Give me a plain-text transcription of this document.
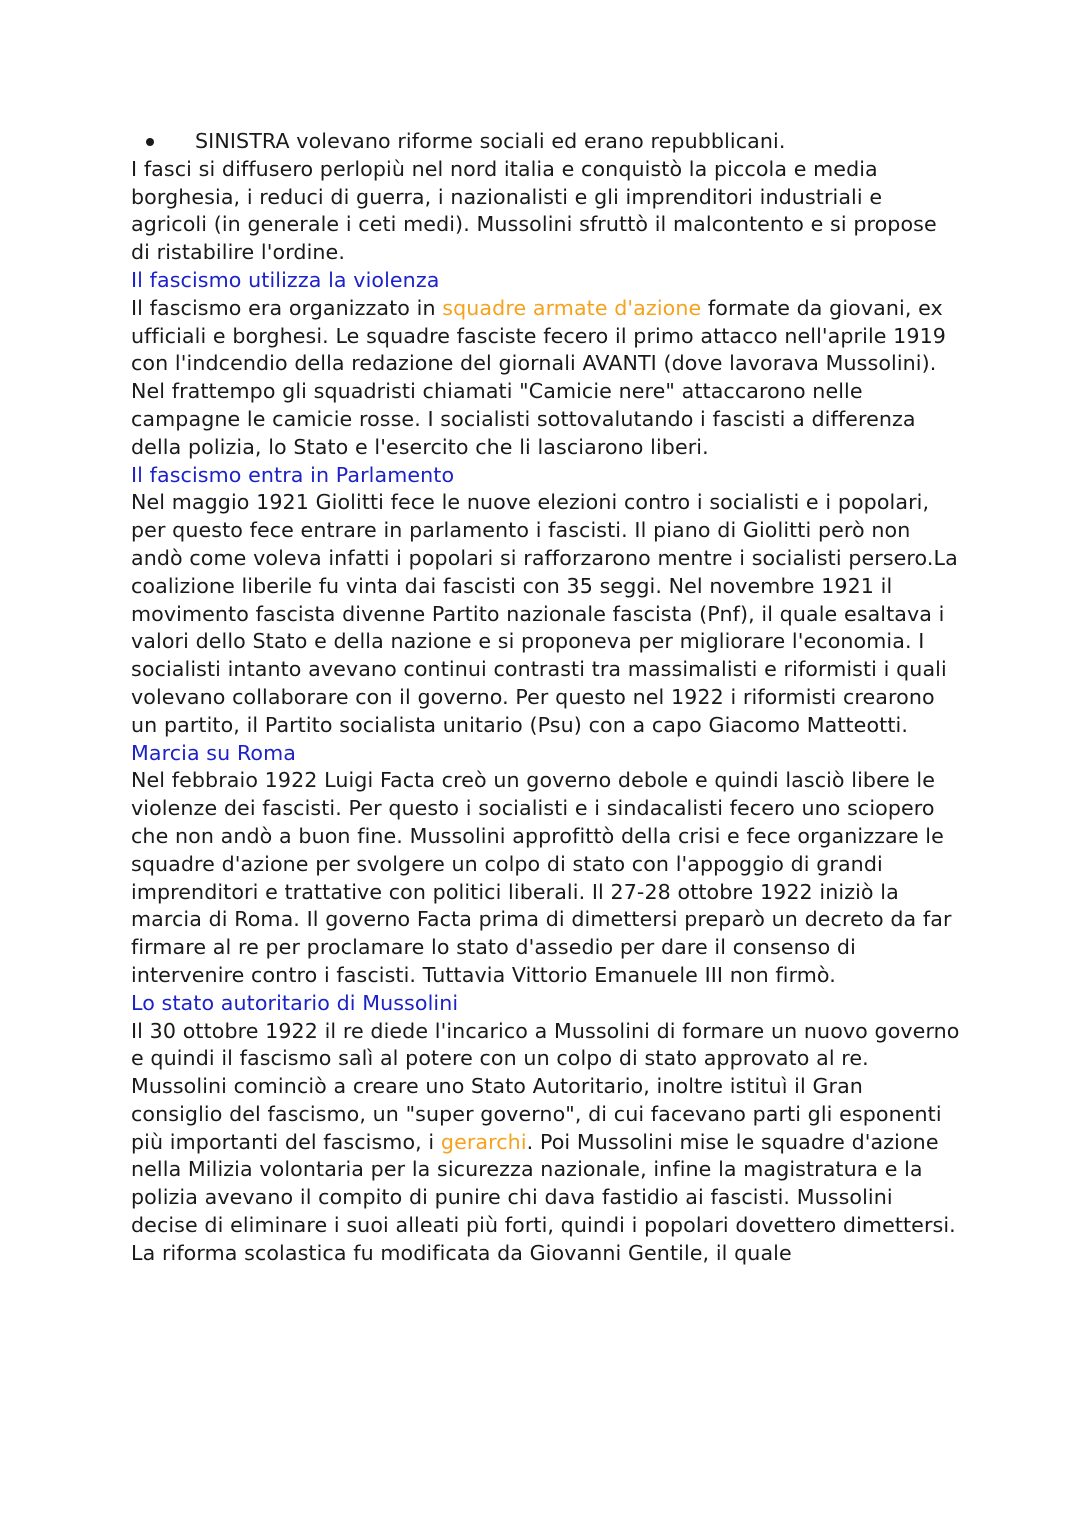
SINISTRA volevano riforme sociali ed erano repubblicani.

I fasci si diffusero perlopiù nel nord italia e conquistò la piccola e media borghesia, i reduci di guerra, i nazionalisti e gli imprenditori industriali e agricoli (in generale i ceti medi). Mussolini sfruttò il malcontento e si propose di ristabilire l'ordine.

Il fascismo utilizza la violenza

Il fascismo era organizzato in squadre armate d'azione formate da giovani, ex ufficiali e borghesi. Le squadre fasciste fecero il primo attacco nell'aprile 1919 con l'indcendio della redazione del giornali AVANTI (dove lavorava Mussolini). Nel frattempo gli squadristi chiamati "Camicie nere" attaccarono nelle campagne le camicie rosse. I socialisti sottovalutando i fascisti a differenza della polizia, lo Stato e l'esercito che li lasciarono liberi.

Il fascismo entra in Parlamento

Nel maggio 1921 Giolitti fece le nuove elezioni contro i socialisti e i popolari, per questo fece entrare in parlamento i fascisti. Il piano di Giolitti però non andò come voleva infatti i popolari si rafforzarono mentre i socialisti persero.La coalizione liberile fu vinta dai fascisti con 35 seggi. Nel novembre 1921 il movimento fascista divenne Partito nazionale fascista (Pnf), il quale esaltava i valori dello Stato e della nazione e si proponeva per migliorare l'economia. I socialisti intanto avevano continui contrasti tra massimalisti e riformisti i quali volevano collaborare con il governo. Per questo nel 1922 i riformisti crearono un partito, il Partito socialista unitario (Psu) con a capo Giacomo Matteotti.

Marcia su Roma

Nel febbraio 1922 Luigi Facta creò un governo debole e quindi lasciò libere le violenze dei fascisti. Per questo i socialisti e i sindacalisti fecero uno sciopero che non andò a buon fine. Mussolini approfittò della crisi e fece organizzare le squadre d'azione per svolgere un colpo di stato con l'appoggio di grandi imprenditori e trattative con politici liberali. Il 27-28 ottobre 1922 iniziò la marcia di Roma. Il governo Facta prima di dimettersi preparò un decreto da far firmare al re per proclamare lo stato d'assedio per dare il consenso di intervenire contro i fascisti. Tuttavia Vittorio Emanuele III non firmò.

Lo stato autoritario di Mussolini

Il 30 ottobre 1922 il re diede l'incarico a Mussolini di formare un nuovo governo e quindi il fascismo salì al potere con un colpo di stato approvato al re. Mussolini cominciò a creare uno Stato Autoritario, inoltre istituì il Gran consiglio del fascismo, un "super governo", di cui facevano parti gli esponenti più importanti del fascismo, i gerarchi. Poi Mussolini mise le squadre d'azione nella Milizia volontaria per la sicurezza nazionale, infine la magistratura e la polizia avevano il compito di punire chi dava fastidio ai fascisti. Mussolini decise di eliminare i suoi alleati più forti, quindi i popolari dovettero dimettersi. La riforma scolastica fu modificata da Giovanni Gentile, il quale
